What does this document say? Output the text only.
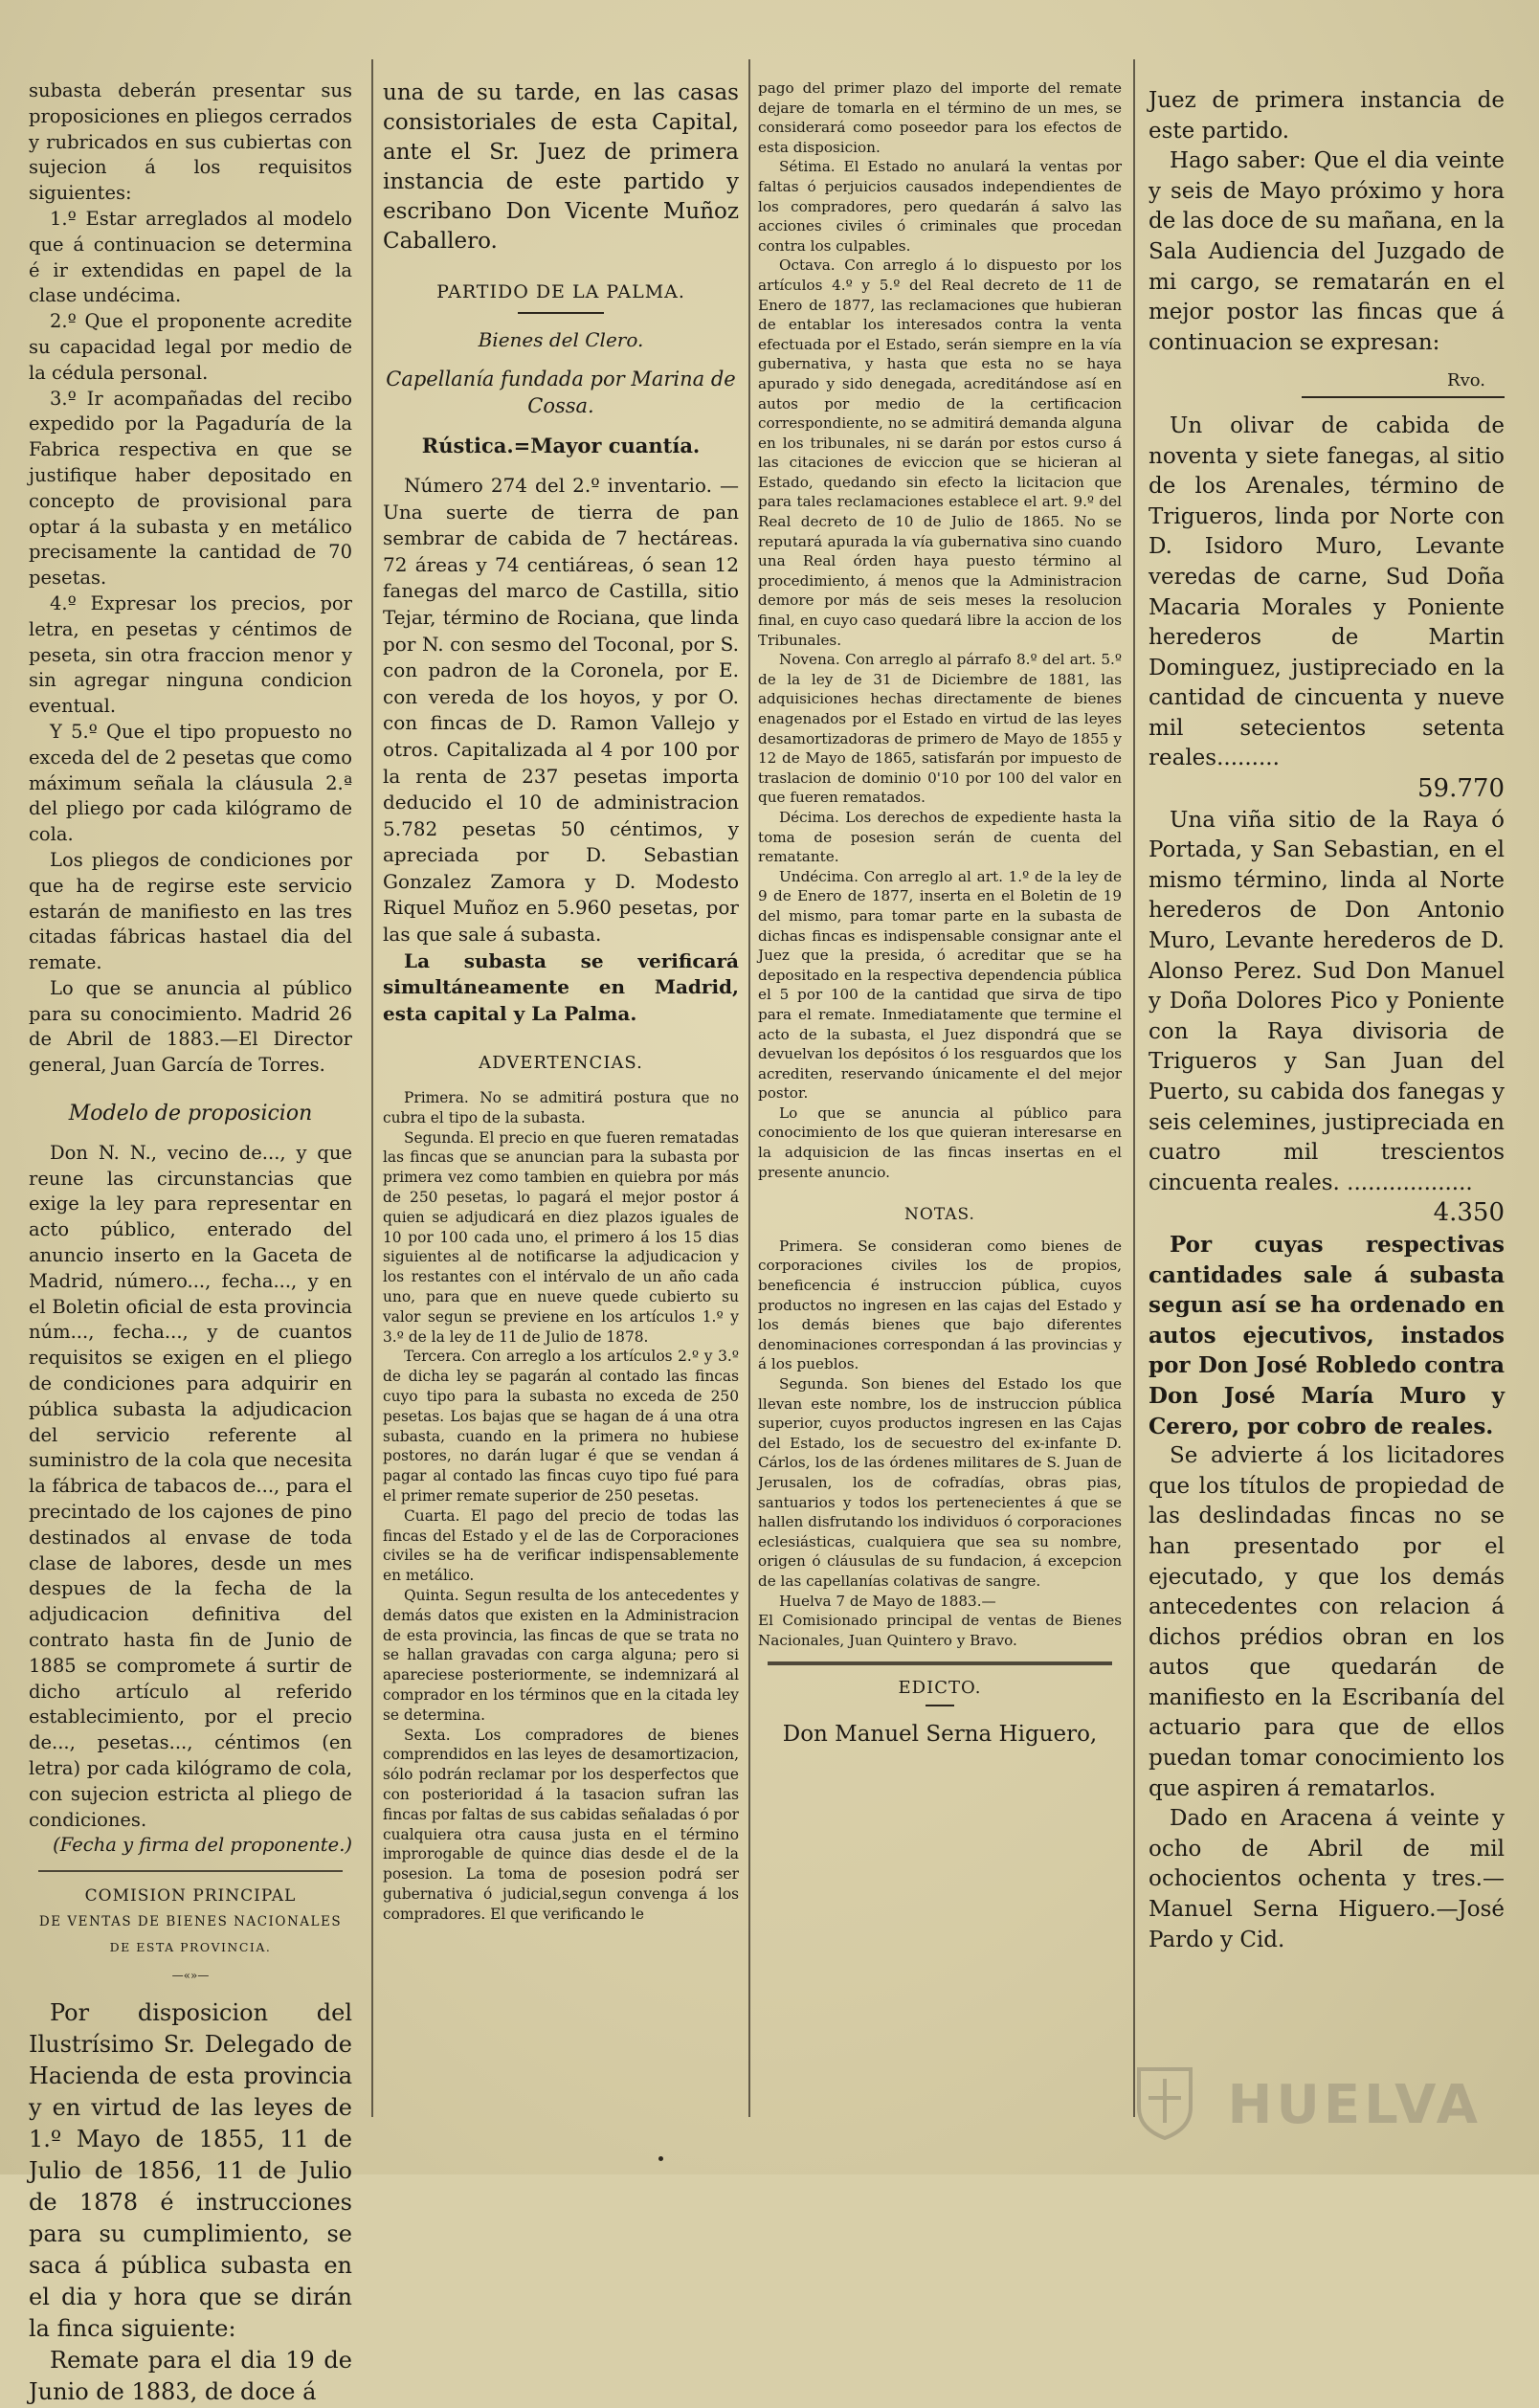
subasta deberán presentar sus proposiciones en pliegos cerrados y rubricados en sus cubiertas con sujecion á los requisitos siguientes:

1.º Estar arreglados al modelo que á continuacion se determina é ir extendidas en papel de la clase undécima.

2.º Que el proponente acredite su capacidad legal por medio de la cédula personal.

3.º Ir acompañadas del recibo expedido por la Pagaduría de la Fabrica respectiva en que se justifique haber depositado en concepto de provisional para optar á la subasta y en metálico precisamente la cantidad de 70 pesetas.

4.º Expresar los precios, por letra, en pesetas y céntimos de peseta, sin otra fraccion menor y sin agregar ninguna condicion eventual.

Y 5.º Que el tipo propuesto no exceda del de 2 pesetas que como máximum señala la cláusula 2.ª del pliego por cada kilógramo de cola.

Los pliegos de condiciones por que ha de regirse este servicio estarán de manifiesto en las tres citadas fábricas hastael dia del remate.

Lo que se anuncia al público para su conocimiento. Madrid 26 de Abril de 1883.—El Director general, Juan García de Torres.

Modelo de proposicion

Don N. N., vecino de..., y que reune las circunstancias que exige la ley para representar en acto público, enterado del anuncio inserto en la Gaceta de Madrid, número..., fecha..., y en el Boletin oficial de esta provincia núm..., fecha..., y de cuantos requisitos se exigen en el pliego de condiciones para adquirir en pública subasta la adjudicacion del servicio referente al suministro de la cola que necesita la fábrica de tabacos de..., para el precintado de los cajones de pino destinados al envase de toda clase de labores, desde un mes despues de la fecha de la adjudicacion definitiva del contrato hasta fin de Junio de 1885 se compromete á surtir de dicho artículo al referido establecimiento, por el precio de..., pesetas..., céntimos (en letra) por cada kilógramo de cola, con sujecion estricta al pliego de condiciones.

(Fecha y firma del proponente.)

COMISION PRINCIPAL

DE VENTAS DE BIENES NACIONALES

DE ESTA PROVINCIA.

—«»—

Por disposicion del Ilustrísimo Sr. Delegado de Hacienda de esta provincia y en virtud de las leyes de 1.º Mayo de 1855, 11 de Julio de 1856, 11 de Julio de 1878 é instrucciones para su cumplimiento, se saca á pública subasta en el dia y hora que se dirán la finca siguiente:

Remate para el dia 19 de Junio de 1883, de doce á

una de su tarde, en las casas consistoriales de esta Capital, ante el Sr. Juez de primera instancia de este partido y escribano Don Vicente Muñoz Caballero.

PARTIDO DE LA PALMA.

Bienes del Clero.

Capellanía fundada por Marina de Cossa.

Rústica.=Mayor cuantía.

Número 274 del 2.º inventario. —Una suerte de tierra de pan sembrar de cabida de 7 hectáreas. 72 áreas y 74 centiáreas, ó sean 12 fanegas del marco de Castilla, sitio Tejar, término de Rociana, que linda por N. con sesmo del Toconal, por S. con padron de la Coronela, por E. con vereda de los hoyos, y por O. con fincas de D. Ramon Vallejo y otros. Capitalizada al 4 por 100 por la renta de 237 pesetas importa deducido el 10 de administracion 5.782 pesetas 50 céntimos, y apreciada por D. Sebastian Gonzalez Zamora y D. Modesto Riquel Muñoz en 5.960 pesetas, por las que sale á subasta.

La subasta se verificará simultáneamente en Madrid, esta capital y La Palma.

ADVERTENCIAS.

Primera. No se admitirá postura que no cubra el tipo de la subasta.

Segunda. El precio en que fueren rematadas las fincas que se anuncian para la subasta por primera vez como tambien en quiebra por más de 250 pesetas, lo pagará el mejor postor á quien se adjudicará en diez plazos iguales de 10 por 100 cada uno, el primero á los 15 dias siguientes al de notificarse la adjudicacion y los restantes con el intérvalo de un año cada uno, para que en nueve quede cubierto su valor segun se previene en los artículos 1.º y 3.º de la ley de 11 de Julio de 1878.

Tercera. Con arreglo a los artículos 2.º y 3.º de dicha ley se pagarán al contado las fincas cuyo tipo para la subasta no exceda de 250 pesetas. Los bajas que se hagan de á una otra subasta, cuando en la primera no hubiese postores, no darán lugar é que se vendan á pagar al contado las fincas cuyo tipo fué para el primer remate superior de 250 pesetas.

Cuarta. El pago del precio de todas las fincas del Estado y el de las de Corporaciones civiles se ha de verificar indispensablemente en metálico.

Quinta. Segun resulta de los antecedentes y demás datos que existen en la Administracion de esta provincia, las fincas de que se trata no se hallan gravadas con carga alguna; pero si apareciese posteriormente, se indemnizará al comprador en los términos que en la citada ley se determina.

Sexta. Los compradores de bienes comprendidos en las leyes de desamortizacion, sólo podrán reclamar por los desperfectos que con posterioridad á la tasacion sufran las fincas por faltas de sus cabidas señaladas ó por cualquiera otra causa justa en el término improrogable de quince dias desde el de la posesion. La toma de posesion podrá ser gubernativa ó judicial,segun convenga á los compradores. El que verificando le

pago del primer plazo del importe del remate dejare de tomarla en el término de un mes, se considerará como poseedor para los efectos de esta disposicion.

Sétima. El Estado no anulará la ventas por faltas ó perjuicios causados independientes de los compradores, pero quedarán á salvo las acciones civiles ó criminales que procedan contra los culpables.

Octava. Con arreglo á lo dispuesto por los artículos 4.º y 5.º del Real decreto de 11 de Enero de 1877, las reclamaciones que hubieran de entablar los interesados contra la venta efectuada por el Estado, serán siempre en la vía gubernativa, y hasta que esta no se haya apurado y sido denegada, acreditándose así en autos por medio de la certificacion correspondiente, no se admitirá demanda alguna en los tribunales, ni se darán por estos curso á las citaciones de eviccion que se hicieran al Estado, quedando sin efecto la licitacion que para tales reclamaciones establece el art. 9.º del Real decreto de 10 de Julio de 1865. No se reputará apurada la vía gubernativa sino cuando una Real órden haya puesto término al procedimiento, á menos que la Administracion demore por más de seis meses la resolucion final, en cuyo caso quedará libre la accion de los Tribunales.

Novena. Con arreglo al párrafo 8.º del art. 5.º de la ley de 31 de Diciembre de 1881, las adquisiciones hechas directamente de bienes enagenados por el Estado en virtud de las leyes desamortizadoras de primero de Mayo de 1855 y 12 de Mayo de 1865, satisfarán por impuesto de traslacion de dominio 0'10 por 100 del valor en que fueren rematados.

Décima. Los derechos de expediente hasta la toma de posesion serán de cuenta del rematante.

Undécima. Con arreglo al art. 1.º de la ley de 9 de Enero de 1877, inserta en el Boletin de 19 del mismo, para tomar parte en la subasta de dichas fincas es indispensable consignar ante el Juez que la presida, ó acreditar que se ha depositado en la respectiva dependencia pública el 5 por 100 de la cantidad que sirva de tipo para el remate. Inmediatamente que termine el acto de la subasta, el Juez dispondrá que se devuelvan los depósitos ó los resguardos que los acrediten, reservando únicamente el del mejor postor.

Lo que se anuncia al público para conocimiento de los que quieran interesarse en la adquisicion de las fincas insertas en el presente anuncio.

NOTAS.

Primera. Se consideran como bienes de corporaciones civiles los de propios, beneficencia é instruccion pública, cuyos productos no ingresen en las cajas del Estado y los demás bienes que bajo diferentes denominaciones correspondan á las provincias y á los pueblos.

Segunda. Son bienes del Estado los que llevan este nombre, los de instruccion pública superior, cuyos productos ingresen en las Cajas del Estado, los de secuestro del ex-infante D. Cárlos, los de las órdenes militares de S. Juan de Jerusalen, los de cofradías, obras pias, santuarios y todos los pertenecientes á que se hallen disfrutando los individuos ó corporaciones eclesiásticas, cualquiera que sea su nombre, origen ó cláusulas de su fundacion, á excepcion de las capellanías colativas de sangre.

Huelva 7 de Mayo de 1883.—

El Comisionado principal de ventas de Bienes Nacionales, Juan Quintero y Bravo.

EDICTO.

Don Manuel Serna Higuero,

Juez de primera instancia de este partido.

Hago saber: Que el dia veinte y seis de Mayo próximo y hora de las doce de su mañana, en la Sala Audiencia del Juzgado de mi cargo, se rematarán en el mejor postor las fincas que á continuacion se expresan:

Rvo.

Un olivar de cabida de noventa y siete fanegas, al sitio de los Arenales, término de Trigueros, linda por Norte con D. Isidoro Muro, Levante veredas de carne, Sud Doña Macaria Morales y Poniente herederos de Martin Dominguez, justipreciado en la cantidad de cincuenta y nueve mil setecientos setenta reales.........

59.770

Una viña sitio de la Raya ó Portada, y San Sebastian, en el mismo término, linda al Norte herederos de Don Antonio Muro, Levante herederos de D. Alonso Perez. Sud Don Manuel y Doña Dolores Pico y Poniente con la Raya divisoria de Trigueros y San Juan del Puerto, su cabida dos fanegas y seis celemines, justipreciada en cuatro mil trescientos cincuenta reales. ..................

4.350

Por cuyas respectivas cantidades sale á subasta segun así se ha ordenado en autos ejecutivos, instados por Don José Robledo contra Don José María Muro y Cerero, por cobro de reales.

Se advierte á los licitadores que los títulos de propiedad de las deslindadas fincas no se han presentado por el ejecutado, y que los demás antecedentes con relacion á dichos prédios obran en los autos que quedarán de manifiesto en la Escribanía del actuario para que de ellos puedan tomar conocimiento los que aspiren á rematarlos.

Dado en Aracena á veinte y ocho de Abril de mil ochocientos ochenta y tres.—Manuel Serna Higuero.—José Pardo y Cid.

HUELVA
